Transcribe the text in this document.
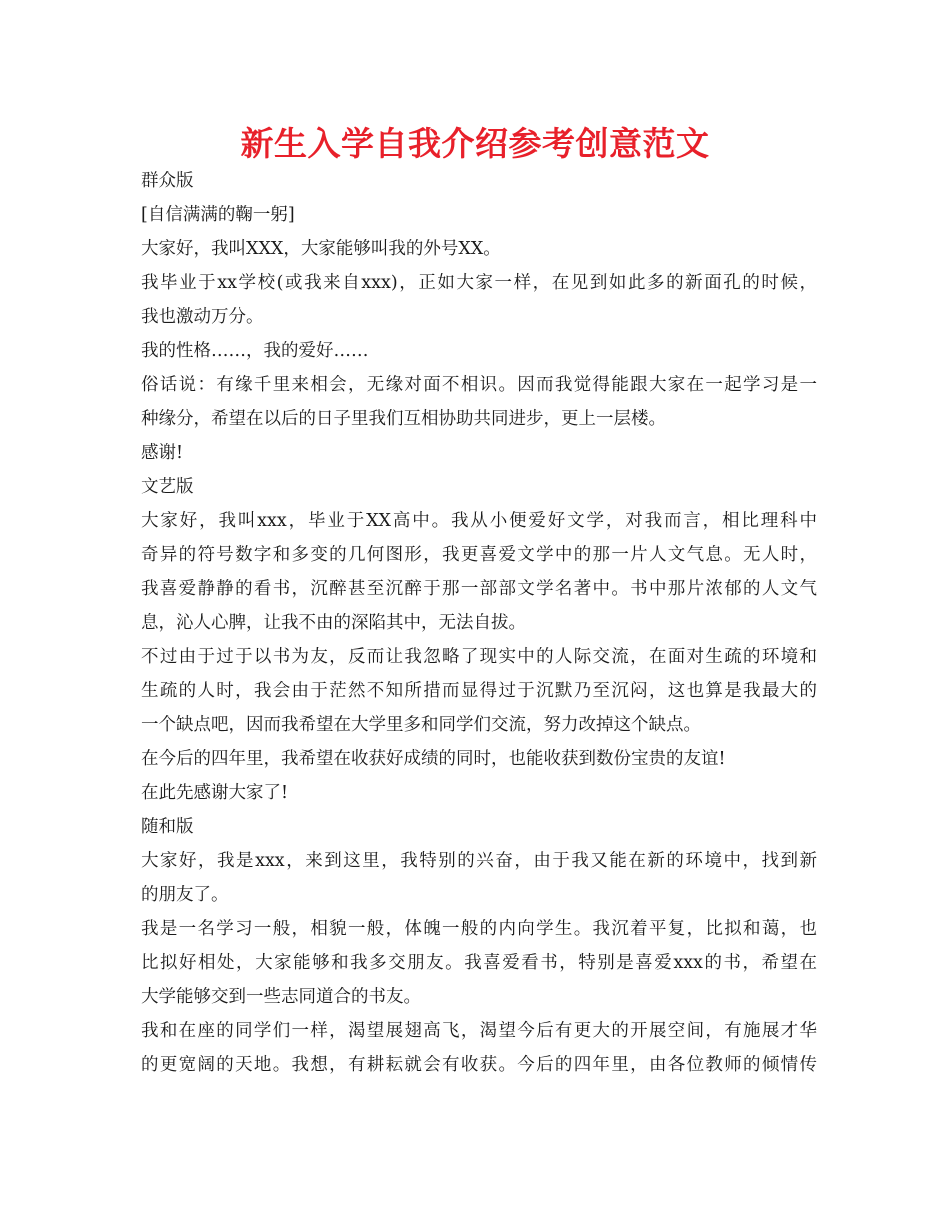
新生入学自我介绍参考创意范文
群众版
[自信满满的鞠一躬]
大家好，我叫XXX，大家能够叫我的外号XX。
我毕业于xx学校(或我来自xxx)，正如大家一样，在见到如此多的新面孔的时候，
我也激动万分。
我的性格……，我的爱好……
俗话说：有缘千里来相会，无缘对面不相识。因而我觉得能跟大家在一起学习是一
种缘分，希望在以后的日子里我们互相协助共同进步，更上一层楼。
感谢!
文艺版
大家好，我叫xxx，毕业于XX高中。我从小便爱好文学，对我而言，相比理科中
奇异的符号数字和多变的几何图形，我更喜爱文学中的那一片人文气息。无人时，
我喜爱静静的看书，沉醉甚至沉醉于那一部部文学名著中。书中那片浓郁的人文气
息，沁人心脾，让我不由的深陷其中，无法自拔。
不过由于过于以书为友，反而让我忽略了现实中的人际交流，在面对生疏的环境和
生疏的人时，我会由于茫然不知所措而显得过于沉默乃至沉闷，这也算是我最大的
一个缺点吧，因而我希望在大学里多和同学们交流，努力改掉这个缺点。
在今后的四年里，我希望在收获好成绩的同时，也能收获到数份宝贵的友谊!
在此先感谢大家了!
随和版
大家好，我是xxx，来到这里，我特别的兴奋，由于我又能在新的环境中，找到新
的朋友了。
我是一名学习一般，相貌一般，体魄一般的内向学生。我沉着平复，比拟和蔼，也
比拟好相处，大家能够和我多交朋友。我喜爱看书，特别是喜爱xxx的书，希望在
大学能够交到一些志同道合的书友。
我和在座的同学们一样，渴望展翅高飞，渴望今后有更大的开展空间，有施展才华
的更宽阔的天地。我想，有耕耘就会有收获。今后的四年里，由各位教师的倾情传
